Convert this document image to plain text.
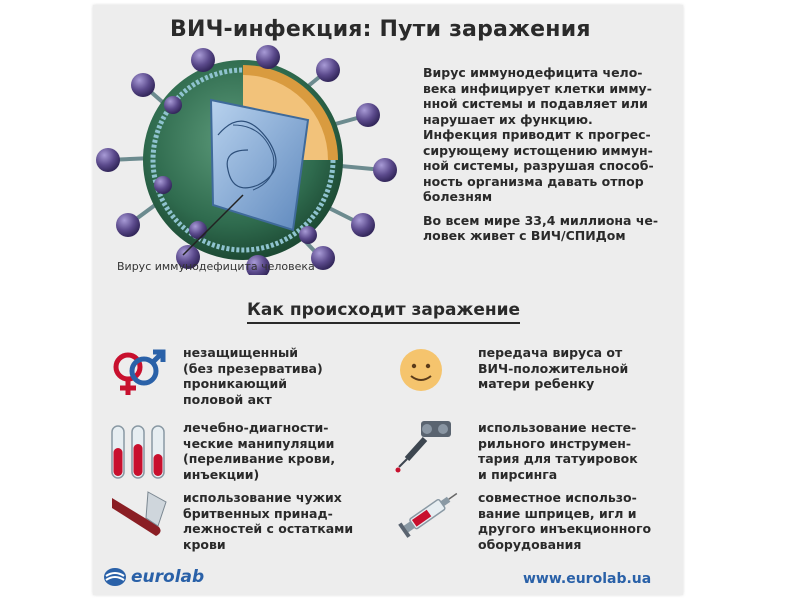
ВИЧ-инфекция: Пути заражения
Вирус иммунодефицита человека

Вирус иммунодефицита чело-
века инфицирует клетки имму-
нной системы и подавляет или
нарушает их функцию.
Инфекция приводит к прогрес-
сирующему истощению иммун-
ной системы, разрушая способ-
ность организма давать отпор
болезням

Во всем мире 33,4 миллиона че-
ловек живет с ВИЧ/СПИДом

Как происходит заражение
незащищенный
(без презерватива)
проникающий
половой акт
передача вируса от
ВИЧ-положительной
матери ребенку
лечебно-диагности-
ческие манипуляции
(переливание крови,
инъекции)
использование несте-
рильного инструмен-
тария для татуировок
и пирсинга
использование чужих
бритвенных принад-
лежностей с остатками
крови
совместное использо-
вание шприцев, игл и
другого инъекционного
оборудования
eurolab	www.eurolab.ua
